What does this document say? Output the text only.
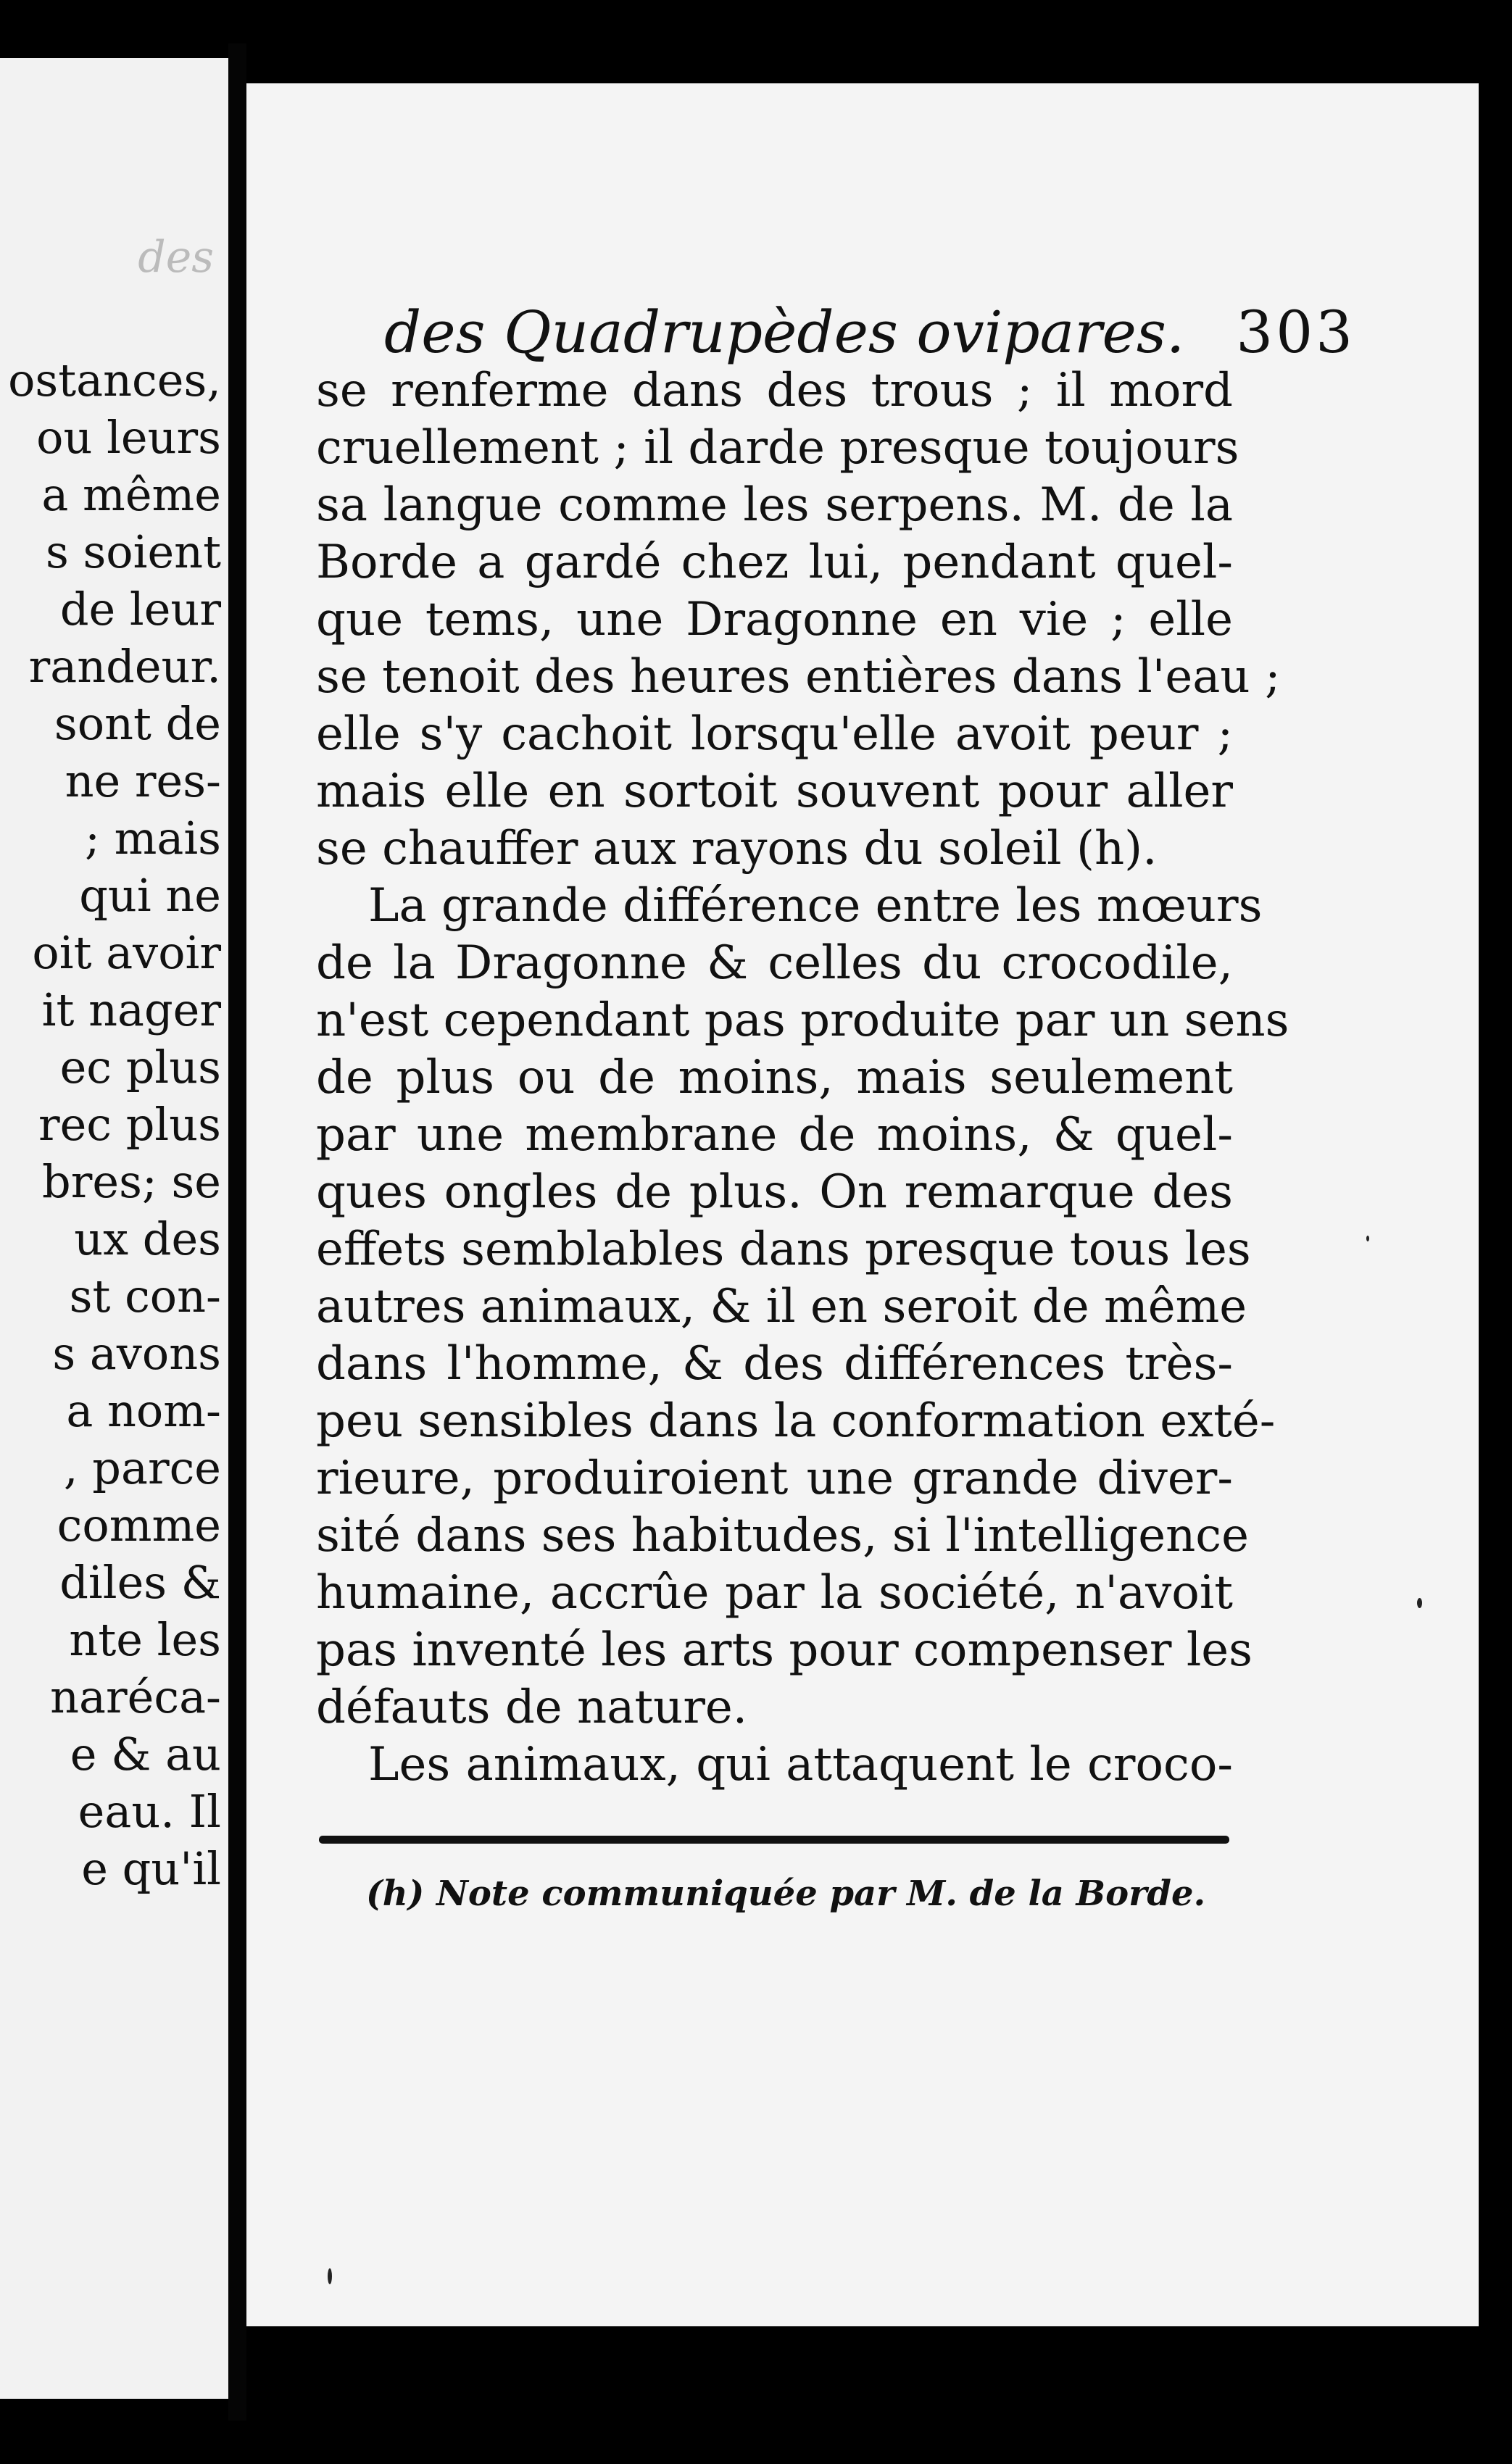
des
ostances,
ou leurs
a même
s soient
de leur
randeur.
sont de
ne res-
; mais
qui ne
oit avoir
it nager
ec plus
rec plus
bres; se
ux des
st con-
s avons
a nom-
, parce
comme
diles &
nte les
naréca-
e & au
eau. Il
e qu'il
des Quadrupèdes ovipares. 303
se renferme dans des trous ; il mord
cruellement ; il darde presque toujours
sa langue comme les serpens. M. de la
Borde a gardé chez lui, pendant quel-
que tems, une Dragonne en vie ; elle
se tenoit des heures entières dans l'eau ;
elle s'y cachoit lorsqu'elle avoit peur ;
mais elle en sortoit souvent pour aller
se chauffer aux rayons du soleil (h).
La grande différence entre les mœurs
de la Dragonne & celles du crocodile,
n'est cependant pas produite par un sens
de plus ou de moins, mais seulement
par une membrane de moins, & quel-
ques ongles de plus. On remarque des
effets semblables dans presque tous les
autres animaux, & il en seroit de même
dans l'homme, & des différences très-
peu sensibles dans la conformation exté-
rieure, produiroient une grande diver-
sité dans ses habitudes, si l'intelligence
humaine, accrûe par la société, n'avoit
pas inventé les arts pour compenser les
défauts de nature.
Les animaux, qui attaquent le croco-
(h) Note communiquée par M. de la Borde.
